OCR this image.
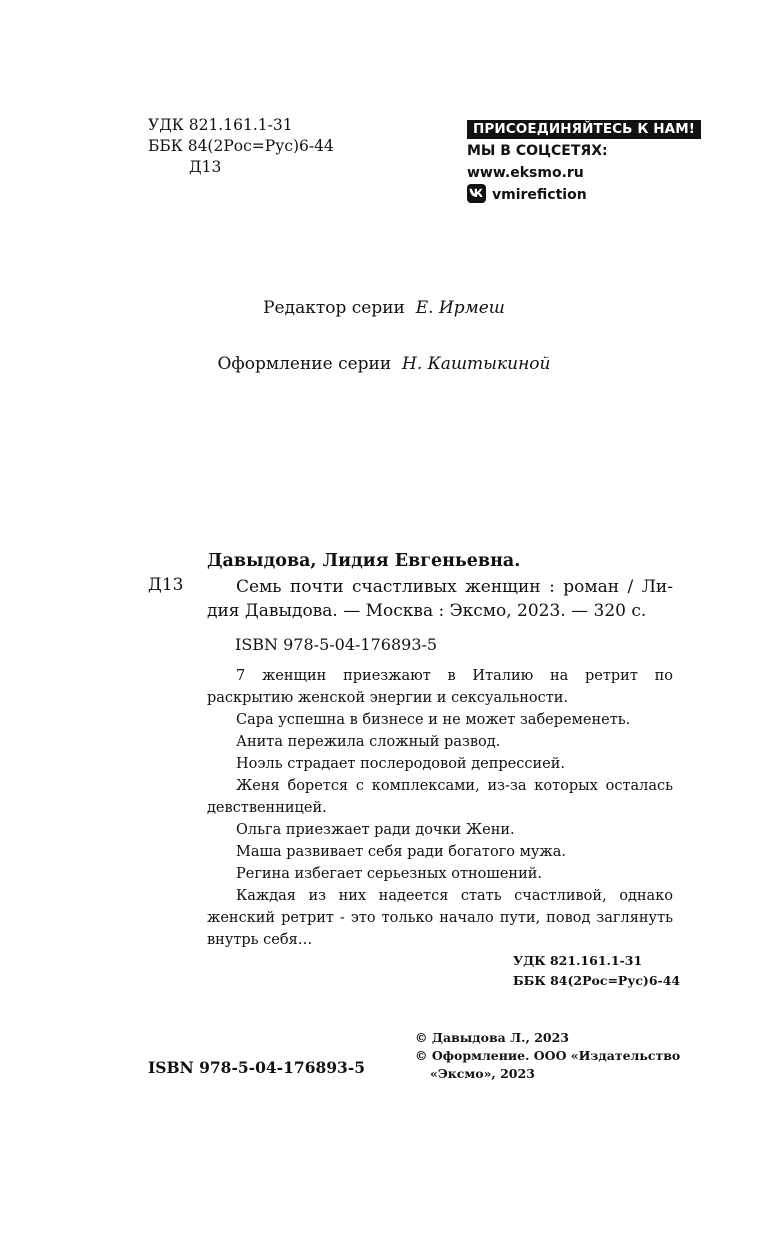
УДК 821.161.1-31
ББК 84(2Рос=Рус)6-44
Д13
ПРИСОЕДИНЯЙТЕСЬ К НАМ!
МЫ В СОЦСЕТЯХ:
www.eksmo.ru
vmirefiction
Редактор серии Е. Ирмеш
Оформление серии Н. Каштыкиной
Давыдова, Лидия Евгеньевна.
Д13	Семь почти счастливых женщин : роман / Ли-
дия Давыдова. — Москва : Эксмо, 2023. — 320 с.
ISBN 978-5-04-176893-5

7 женщин приезжают в Италию на ретрит по раскрытию женской энергии и сексуальности.

Сара успешна в бизнесе и не может забеременеть.

Анита пережила сложный развод.

Ноэль страдает послеродовой депрессией.

Женя борется с комплексами, из-за которых осталась девственницей.

Ольга приезжает ради дочки Жени.

Маша развивает себя ради богатого мужа.

Регина избегает серьезных отношений.

Каждая из них надеется стать счастливой, однако женский ретрит - это только начало пути, повод заглянуть внутрь себя…

УДК 821.161.1-31
ББК 84(2Рос=Рус)6-44
ISBN 978-5-04-176893-5
© Давыдова Л., 2023
© Оформление. ООО «Издательство
«Эксмо», 2023
